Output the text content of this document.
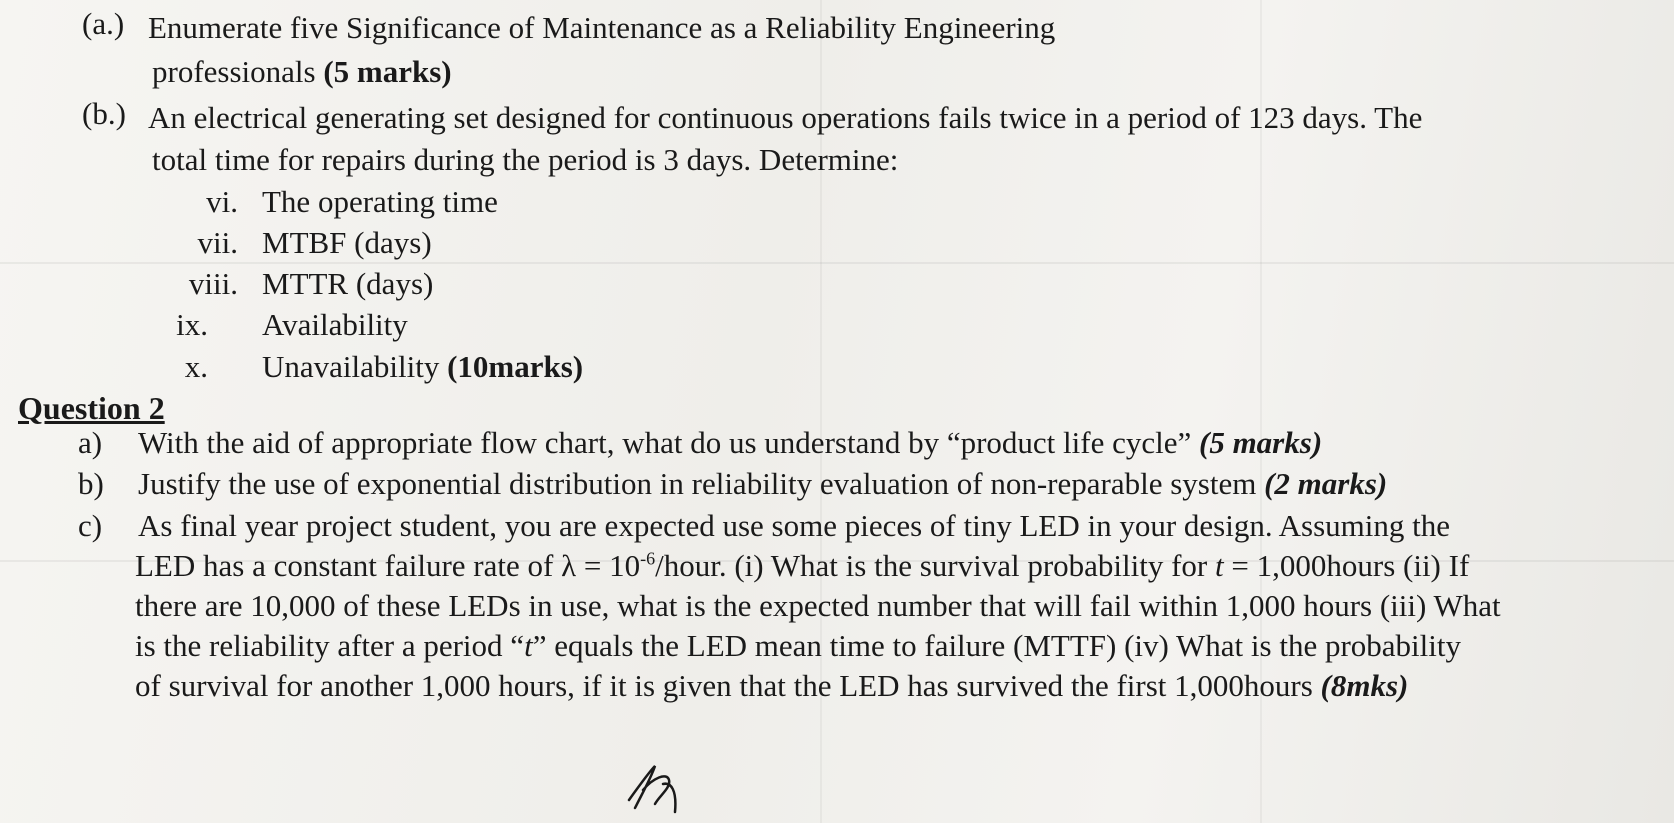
(a.) Enumerate five Significance of Maintenance as a Reliability Engineering
professionals (5 marks)
(b.) An electrical generating set designed for continuous operations fails twice in a period of 123 days. The
total time for repairs during the period is 3 days. Determine:
vi. The operating time
vii. MTBF (days)
viii. MTTR (days)
ix. Availability
x. Unavailability (10marks)
Question 2
a)	With the aid of appropriate flow chart, what do us understand by “product life cycle” (5 marks)
b)	Justify the use of exponential distribution in reliability evaluation of non-reparable system (2 marks)
c)	As final year project student, you are expected use some pieces of tiny LED in your design. Assuming the
LED has a constant failure rate of $\lambda = 10^{-6}$/hour. (i) What is the survival probability for t = 1,000hours (ii) If
there are 10,000 of these LEDs in use, what is the expected number that will fail within 1,000 hours (iii) What
is the reliability after a period “t” equals the LED mean time to failure (MTTF) (iv) What is the probability
of survival for another 1,000 hours, if it is given that the LED has survived the first 1,000hours (8mks)
